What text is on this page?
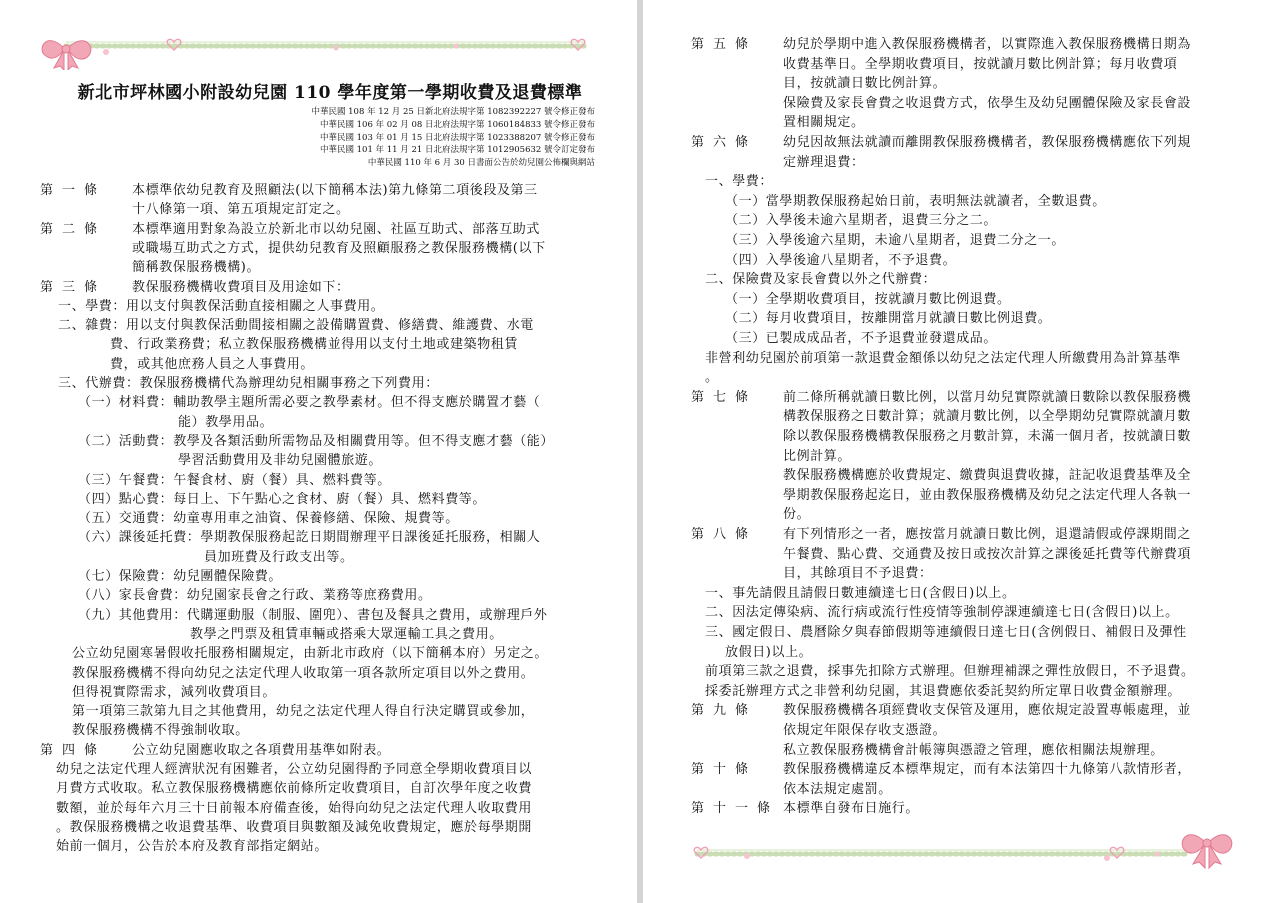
新北市坪林國小附設幼兒園 110 學年度第一學期收費及退費標準
中華民國 108 年 12 月 25 日新北府法規字第 1082392227 號令修正發布
中華民國 106 年 02 月 08 日北府法規字第 1060184833 號令修正發布
中華民國 103 年 01 月 15 日北府法規字第 1023388207 號令修正發布
中華民國 101 年 11 月 21 日北府法規字第 1012905632 號令訂定發布
中華民國 110 年 6 月 30 日書面公告於幼兒園公佈欄與網站
第一條 本標準依幼兒教育及照顧法(以下簡稱本法)第九條第二項後段及第三
十八條第一項、第五項規定訂定之。
第二條 本標準適用對象為設立於新北市以幼兒園、社區互助式、部落互助式
或職場互助式之方式，提供幼兒教育及照顧服務之教保服務機構(以下
簡稱教保服務機構)。
第三條 教保服務機構收費項目及用途如下：
一、學費：用以支付與教保活動直接相關之人事費用。
二、雜費：用以支付與教保活動間接相關之設備購置費、修繕費、維護費、水電
費、行政業務費；私立教保服務機構並得用以支付土地或建築物租賃
費，或其他庶務人員之人事費用。
三、代辦費：教保服務機構代為辦理幼兒相關事務之下列費用：
（一）材料費：輔助教學主題所需必要之教學素材。但不得支應於購置才藝（
能）教學用品。
（二）活動費：教學及各類活動所需物品及相關費用等。但不得支應才藝（能）
學習活動費用及非幼兒園體旅遊。
（三）午餐費：午餐食材、廚（餐）具、燃料費等。
（四）點心費：每日上、下午點心之食材、廚（餐）具、燃料費等。
（五）交通費：幼童專用車之油資、保養修繕、保險、規費等。
（六）課後延托費：學期教保服務起訖日期間辦理平日課後延托服務，相關人
員加班費及行政支出等。
（七）保險費：幼兒團體保險費。
（八）家長會費：幼兒園家長會之行政、業務等庶務費用。
（九）其他費用：代購運動服（制服、圍兜）、書包及餐具之費用，或辦理戶外
教學之門票及租賃車輛或搭乘大眾運輸工具之費用。
公立幼兒園寒暑假收托服務相關規定，由新北市政府（以下簡稱本府）另定之。
教保服務機構不得向幼兒之法定代理人收取第一項各款所定項目以外之費用。
但得視實際需求，減列收費項目。
第一項第三款第九目之其他費用，幼兒之法定代理人得自行決定購買或參加，
教保服務機構不得強制收取。
第四條 公立幼兒園應收取之各項費用基準如附表。
幼兒之法定代理人經濟狀況有困難者，公立幼兒園得酌予同意全學期收費項目以
月費方式收取。私立教保服務機構應依前條所定收費項目，自訂次學年度之收費
數額，並於每年六月三十日前報本府備查後，始得向幼兒之法定代理人收取費用
。教保服務機構之收退費基準、收費項目與數額及減免收費規定，應於每學期開
始前一個月，公告於本府及教育部指定網站。
第五條 幼兒於學期中進入教保服務機構者，以實際進入教保服務機構日期為
收費基準日。全學期收費項目，按就讀月數比例計算；每月收費項
目，按就讀日數比例計算。
保險費及家長會費之收退費方式，依學生及幼兒團體保險及家長會設
置相關規定。
第六條 幼兒因故無法就讀而離開教保服務機構者，教保服務機構應依下列規
定辦理退費：
一、學費：
（一）當學期教保服務起始日前，表明無法就讀者，全數退費。
（二）入學後未逾六星期者，退費三分之二。
（三）入學後逾六星期，未逾八星期者，退費二分之一。
（四）入學後逾八星期者，不予退費。
二、保險費及家長會費以外之代辦費：
（一）全學期收費項目，按就讀月數比例退費。
（二）每月收費項目，按離開當月就讀日數比例退費。
（三）已製成成品者，不予退費並發還成品。
非營利幼兒園於前項第一款退費金額係以幼兒之法定代理人所繳費用為計算基準
。
第七條 前二條所稱就讀日數比例，以當月幼兒實際就讀日數除以教保服務機
構教保服務之日數計算；就讀月數比例，以全學期幼兒實際就讀月數
除以教保服務機構教保服務之月數計算，未滿一個月者，按就讀日數
比例計算。
教保服務機構應於收費規定、繳費與退費收據，註記收退費基準及全
學期教保服務起迄日，並由教保服務機構及幼兒之法定代理人各執一
份。
第八條 有下列情形之一者，應按當月就讀日數比例，退還請假或停課期間之
午餐費、點心費、交通費及按日或按次計算之課後延托費等代辦費項
目，其餘項目不予退費：
一、事先請假且請假日數連續達七日(含假日)以上。
二、因法定傳染病、流行病或流行性疫情等強制停課連續達七日(含假日)以上。
三、國定假日、農曆除夕與春節假期等連續假日達七日(含例假日、補假日及彈性
放假日)以上。
前項第三款之退費，採事先扣除方式辦理。但辦理補課之彈性放假日，不予退費。
採委託辦理方式之非營利幼兒園，其退費應依委託契約所定單日收費金額辦理。
第九條 教保服務機構各項經費收支保管及運用，應依規定設置專帳處理，並
依規定年限保存收支憑證。
私立教保服務機構會計帳簿與憑證之管理，應依相關法規辦理。
第十條 教保服務機構違反本標準規定，而有本法第四十九條第八款情形者，
依本法規定處罰。
第十一條 本標準自發布日施行。
